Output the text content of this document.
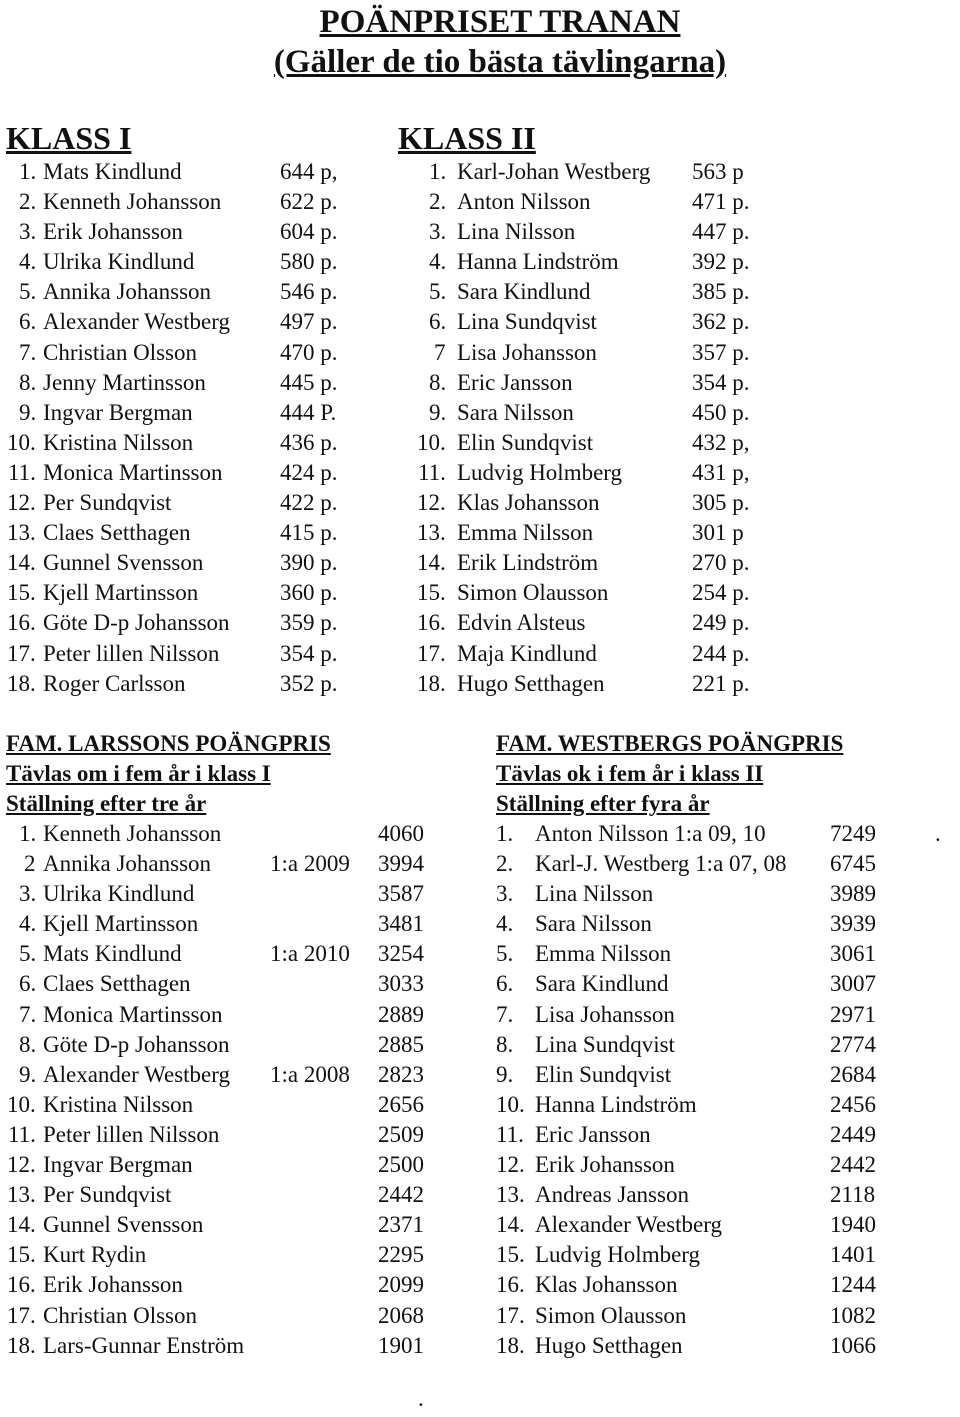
POÄNPRISET TRANAN
(Gäller de tio bästa tävlingarna)
KLASS I	KLASS II
1. Mats Kindlund	644 p,
2. Kenneth Johansson	622 p.
3. Erik Johansson	604 p.
4. Ulrika Kindlund	580 p.
5. Annika Johansson	546 p.
6. Alexander Westberg 497 p.
7. Christian Olsson	470 p.
8. Jenny Martinsson	445 p.
9. Ingvar Bergman	444 P.
10. Kristina Nilsson	436 p.
11. Monica Martinsson 424 p.
12. Per Sundqvist	422 p.
13. Claes Setthagen	415 p.
14. Gunnel Svensson	390 p.
15. Kjell Martinsson	360 p.
16. Göte D-p Johansson 359 p.
17. Peter lillen Nilsson	354 p.
18. Roger Carlsson	352 p.
1. Karl-Johan Westberg 563 p
2. Anton Nilsson	471 p.
3. Lina Nilsson	447 p.
4. Hanna Lindström	392 p.
5. Sara Kindlund	385 p.
6. Lina Sundqvist	362 p.
7 Lisa Johansson	357 p.
8. Eric Jansson	354 p.
9. Sara Nilsson	450 p.
10. Elin Sundqvist	432 p,
11. Ludvig Holmberg	431 p,
12. Klas Johansson	305 p.
13. Emma Nilsson	301 p
14. Erik Lindström	270 p.
15. Simon Olausson	254 p.
16. Edvin Alsteus	249 p.
17. Maja Kindlund	244 p.
18. Hugo Setthagen	221 p.
FAM. LARSSONS POÄNGPRIS
Tävlas om i fem år i klass I
Ställning efter tre år
FAM. WESTBERGS POÄNGPRIS
Tävlas ok i fem år i klass II
Ställning efter fyra år
1. Kenneth Johansson	4060
2 Annika Johansson	1:a 2009 3994
3. Ulrika Kindlund	3587
4. Kjell Martinsson	3481
5. Mats Kindlund	1:a 2010 3254
6. Claes Setthagen	3033
7. Monica Martinsson	2889
8. Göte D-p Johansson	2885
9. Alexander Westberg 1:a 2008 2823
10. Kristina Nilsson	2656
11. Peter lillen Nilsson	2509
12. Ingvar Bergman	2500
13. Per Sundqvist	2442
14. Gunnel Svensson	2371
15. Kurt Rydin	2295
16. Erik Johansson	2099
17. Christian Olsson	2068
18. Lars-Gunnar Enström	1901
1. Anton Nilsson 1:a 09, 10	7249
2. Karl-J. Westberg 1:a 07, 08 6745
3. Lina Nilsson	3989
4. Sara Nilsson	3939
5. Emma Nilsson	3061
6. Sara Kindlund	3007
7. Lisa Johansson	2971
8. Lina Sundqvist	2774
9. Elin Sundqvist	2684
10. Hanna Lindström	2456
11. Eric Jansson	2449
12. Erik Johansson	2442
13. Andreas Jansson	2118
14. Alexander Westberg	1940
15. Ludvig Holmberg	1401
16. Klas Johansson	1244
17. Simon Olausson	1082
18. Hugo Setthagen	1066
.
.
